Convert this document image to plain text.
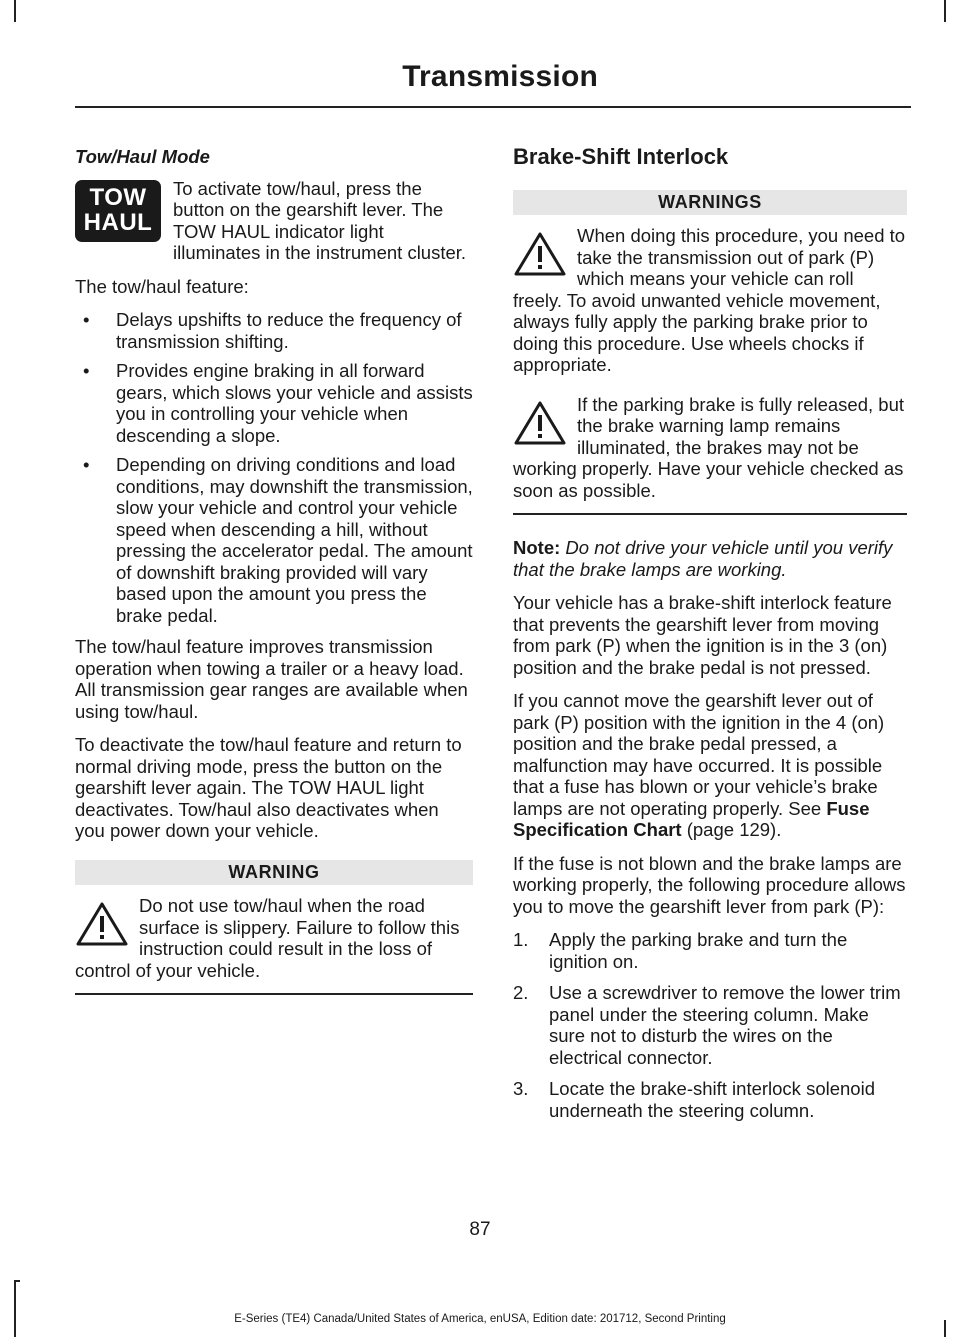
Transmission
Tow/Haul Mode
TOW
HAUL

To activate tow/haul, press the button on the gearshift lever. The TOW HAUL indicator light illuminates in the instrument cluster.

The tow/haul feature:

• Delays upshifts to reduce the frequency of transmission shifting.
• Provides engine braking in all forward gears, which slows your vehicle and assists you in controlling your vehicle when descending a slope.
• Depending on driving conditions and load conditions, may downshift the transmission, slow your vehicle and control your vehicle speed when descending a hill, without pressing the accelerator pedal. The amount of downshift braking provided will vary based upon the amount you press the brake pedal.

The tow/haul feature improves transmission operation when towing a trailer or a heavy load. All transmission gear ranges are available when using tow/haul.

To deactivate the tow/haul feature and return to normal driving mode, press the button on the gearshift lever again. The TOW HAUL light deactivates. Tow/haul also deactivates when you power down your vehicle.

WARNING
Do not use tow/haul when the road surface is slippery. Failure to follow this instruction could result in the loss of control of your vehicle.
Brake-Shift Interlock
WARNINGS
When doing this procedure, you need to take the transmission out of park (P) which means your vehicle can roll freely. To avoid unwanted vehicle movement, always fully apply the parking brake prior to doing this procedure. Use wheels chocks if appropriate.
If the parking brake is fully released, but the brake warning lamp remains illuminated, the brakes may not be working properly. Have your vehicle checked as soon as possible.

Note: Do not drive your vehicle until you verify that the brake lamps are working.

Your vehicle has a brake-shift interlock feature that prevents the gearshift lever from moving from park (P) when the ignition is in the 3 (on) position and the brake pedal is not pressed.

If you cannot move the gearshift lever out of park (P) position with the ignition in the 4 (on) position and the brake pedal pressed, a malfunction may have occurred. It is possible that a fuse has blown or your vehicle’s brake lamps are not operating properly. See Fuse Specification Chart (page 129).

If the fuse is not blown and the brake lamps are working properly, the following procedure allows you to move the gearshift lever from park (P):

1. Apply the parking brake and turn the ignition on.
2. Use a screwdriver to remove the lower trim panel under the steering column. Make sure not to disturb the wires on the electrical connector.
3. Locate the brake-shift interlock solenoid underneath the steering column.
87
E-Series (TE4) Canada/United States of America, enUSA, Edition date: 201712, Second Printing
